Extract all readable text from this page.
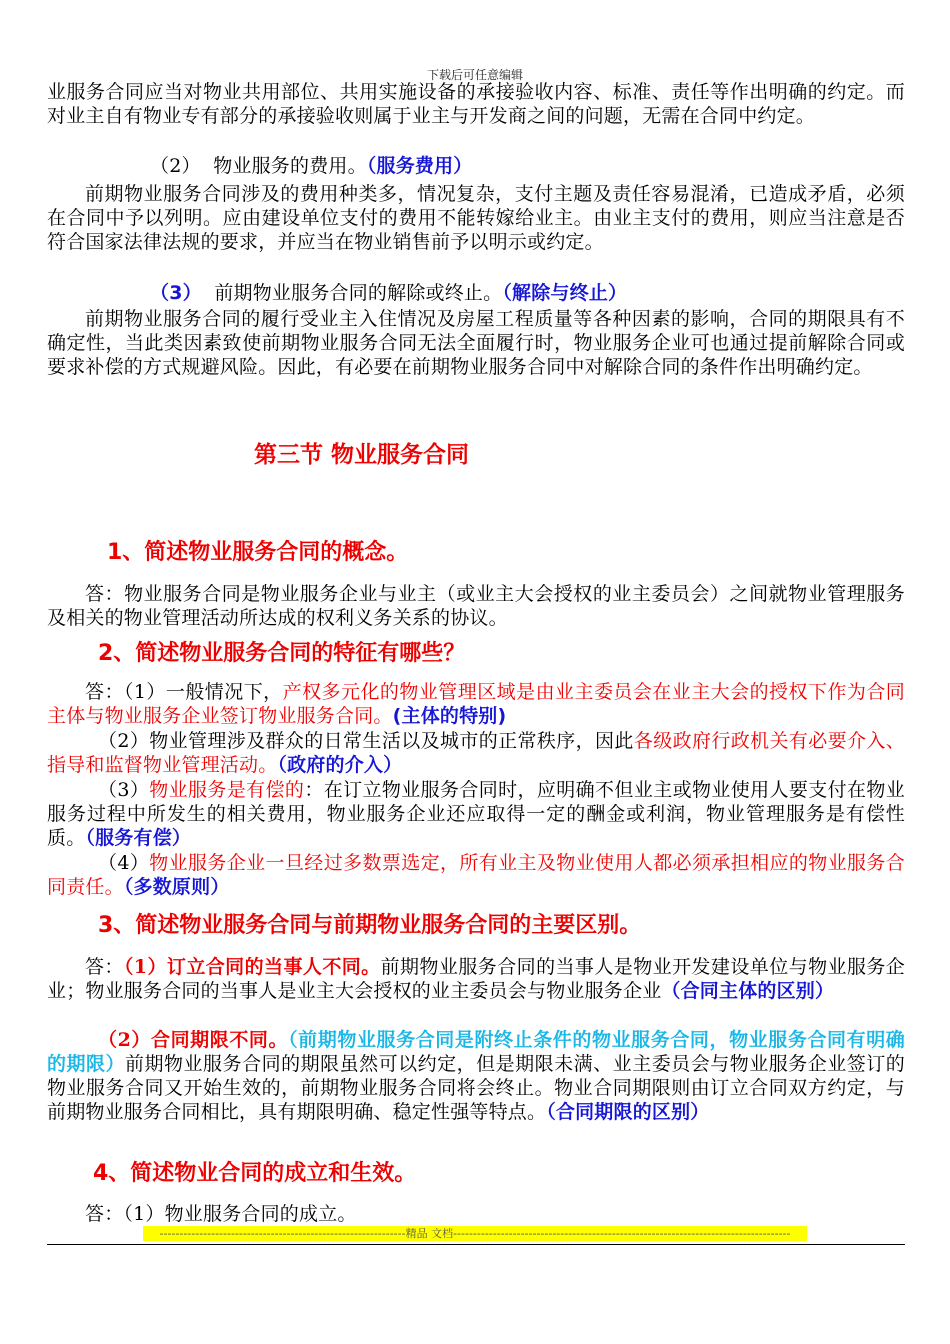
下载后可任意编辑

业服务合同应当对物业共用部位、共用实施设备的承接验收内容、标准、责任等作出明确的约定。而对业主自有物业专有部分的承接验收则属于业主与开发商之间的问题，无需在合同中约定。

（2） 物业服务的费用。（服务费用）

前期物业服务合同涉及的费用种类多，情况复杂，支付主题及责任容易混淆，已造成矛盾，必须在合同中予以列明。应由建设单位支付的费用不能转嫁给业主。由业主支付的费用，则应当注意是否符合国家法律法规的要求，并应当在物业销售前予以明示或约定。

（3） 前期物业服务合同的解除或终止。（解除与终止）

前期物业服务合同的履行受业主入住情况及房屋工程质量等各种因素的影响，合同的期限具有不确定性，当此类因素致使前期物业服务合同无法全面履行时，物业服务企业可也通过提前解除合同或要求补偿的方式规避风险。因此，有必要在前期物业服务合同中对解除合同的条件作出明确约定。

第三节 物业服务合同
1、简述物业服务合同的概念。

答：物业服务合同是物业服务企业与业主（或业主大会授权的业主委员会）之间就物业管理服务及相关的物业管理活动所达成的权利义务关系的协议。

2、简述物业服务合同的特征有哪些？

答：（1）一般情况下，产权多元化的物业管理区域是由业主委员会在业主大会的授权下作为合同主体与物业服务企业签订物业服务合同。(主体的特别)

（2）物业管理涉及群众的日常生活以及城市的正常秩序，因此各级政府行政机关有必要介入、指导和监督物业管理活动。（政府的介入）

（3）物业服务是有偿的：在订立物业服务合同时，应明确不但业主或物业使用人要支付在物业服务过程中所发生的相关费用，物业服务企业还应取得一定的酬金或利润，物业管理服务是有偿性质。（服务有偿）

（4）物业服务企业一旦经过多数票选定，所有业主及物业使用人都必须承担相应的物业服务合同责任。（多数原则）

3、简述物业服务合同与前期物业服务合同的主要区别。

答：（1）订立合同的当事人不同。前期物业服务合同的当事人是物业开发建设单位与物业服务企业；物业服务合同的当事人是业主大会授权的业主委员会与物业服务企业（合同主体的区别）

（2）合同期限不同。（前期物业服务合同是附终止条件的物业服务合同，物业服务合同有明确的期限）前期物业服务合同的期限虽然可以约定，但是期限未满、业主委员会与物业服务企业签订的物业服务合同又开始生效的，前期物业服务合同将会终止。物业合同期限则由订立合同双方约定，与前期物业服务合同相比，具有期限明确、稳定性强等特点。（合同期限的区别）

4、简述物业合同的成立和生效。

答：（1）物业服务合同的成立。

--------------------------------------------------------------精品 文档-------------------------------------------------------------------------------------
